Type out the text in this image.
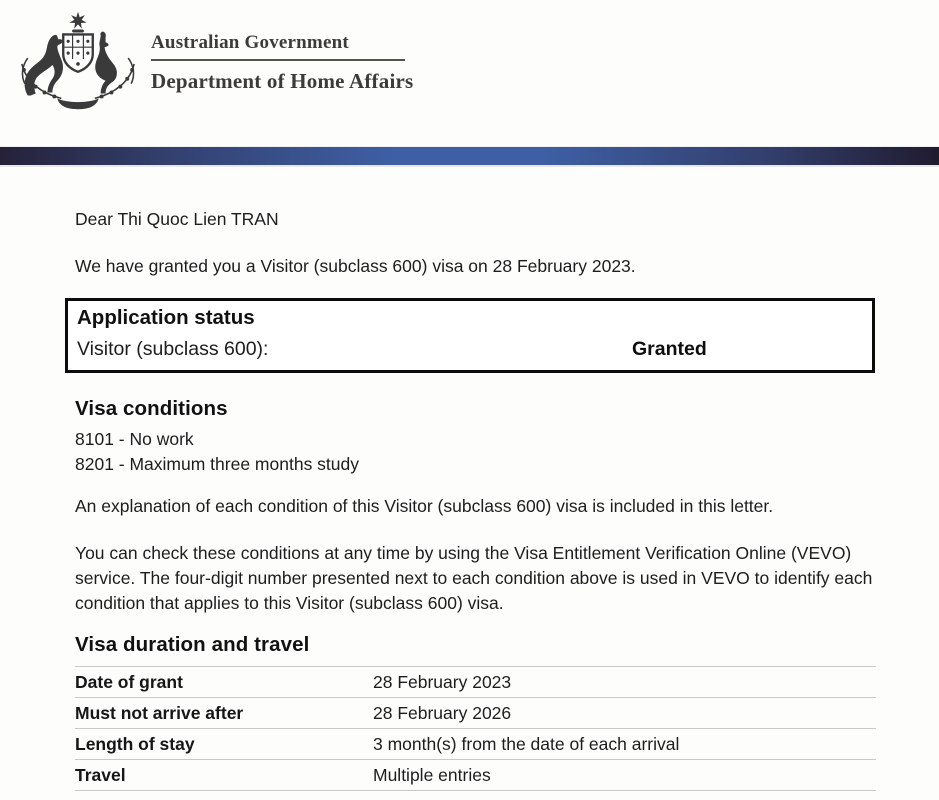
Australian Government
Department of Home Affairs

Dear Thi Quoc Lien TRAN

We have granted you a Visitor (subclass 600) visa on 28 February 2023.

Application status
Visitor (subclass 600):	Granted
Visa conditions
8101 - No work
8201 - Maximum three months study

An explanation of each condition of this Visitor (subclass 600) visa is included in this letter.

You can check these conditions at any time by using the Visa Entitlement Verification Online (VEVO) service. The four-digit number presented next to each condition above is used in VEVO to identify each condition that applies to this Visitor (subclass 600) visa.

Visa duration and travel
Date of grant	28 February 2023
Must not arrive after	28 February 2026
Length of stay	3 month(s) from the date of each arrival
Travel	Multiple entries
